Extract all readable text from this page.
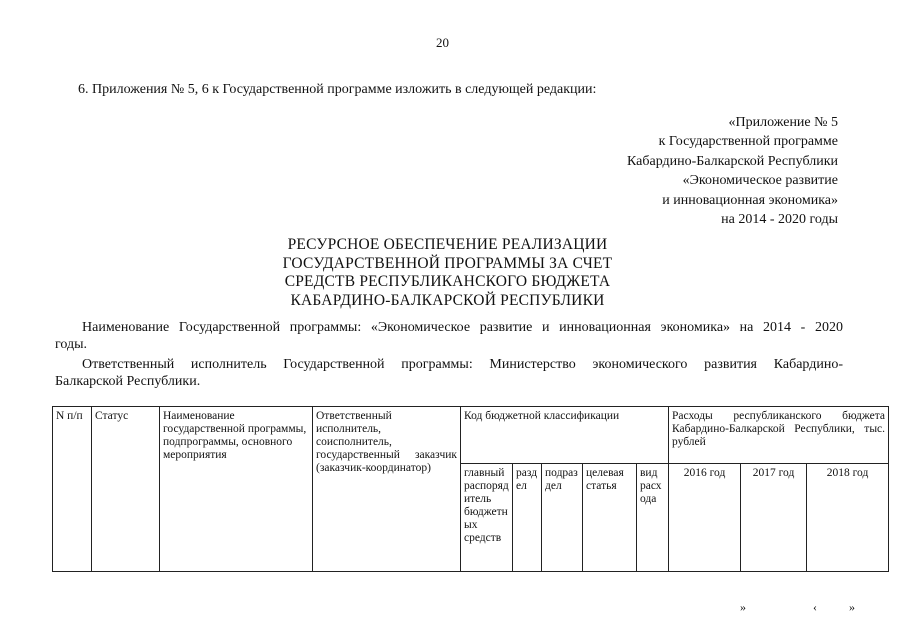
20
6. Приложения № 5, 6 к Государственной программе изложить в следующей редакции:
«Приложение № 5
к Государственной программе
Кабардино-Балкарской Республики
«Экономическое развитие
и инновационная экономика»
на 2014 - 2020 годы
РЕСУРСНОЕ ОБЕСПЕЧЕНИЕ РЕАЛИЗАЦИИ
ГОСУДАРСТВЕННОЙ ПРОГРАММЫ ЗА СЧЕТ
СРЕДСТВ РЕСПУБЛИКАНСКОГО БЮДЖЕТА
КАБАРДИНО-БАЛКАРСКОЙ РЕСПУБЛИКИ
Наименование Государственной программы: «Экономическое развитие и инновационная экономика» на 2014 - 2020
годы.
Ответственный исполнитель Государственной программы: Министерство экономического развития Кабардино-
Балкарской Республики.
N п/п	Статус	Наименование государственной программы, подпрограммы, основного мероприятия	Ответственный исполнитель, соисполнитель, государственный заказчик (заказчик-координатор)	Код бюджетной классификации					Расходы республиканского бюджета Кабардино-Балкарской Республики, тыс. рублей		
				главный распорядитель бюджетных средств	раздел	подраздел	целевая статья	вид расхода	2016 год	2017 год	2018 год
» ‹»
